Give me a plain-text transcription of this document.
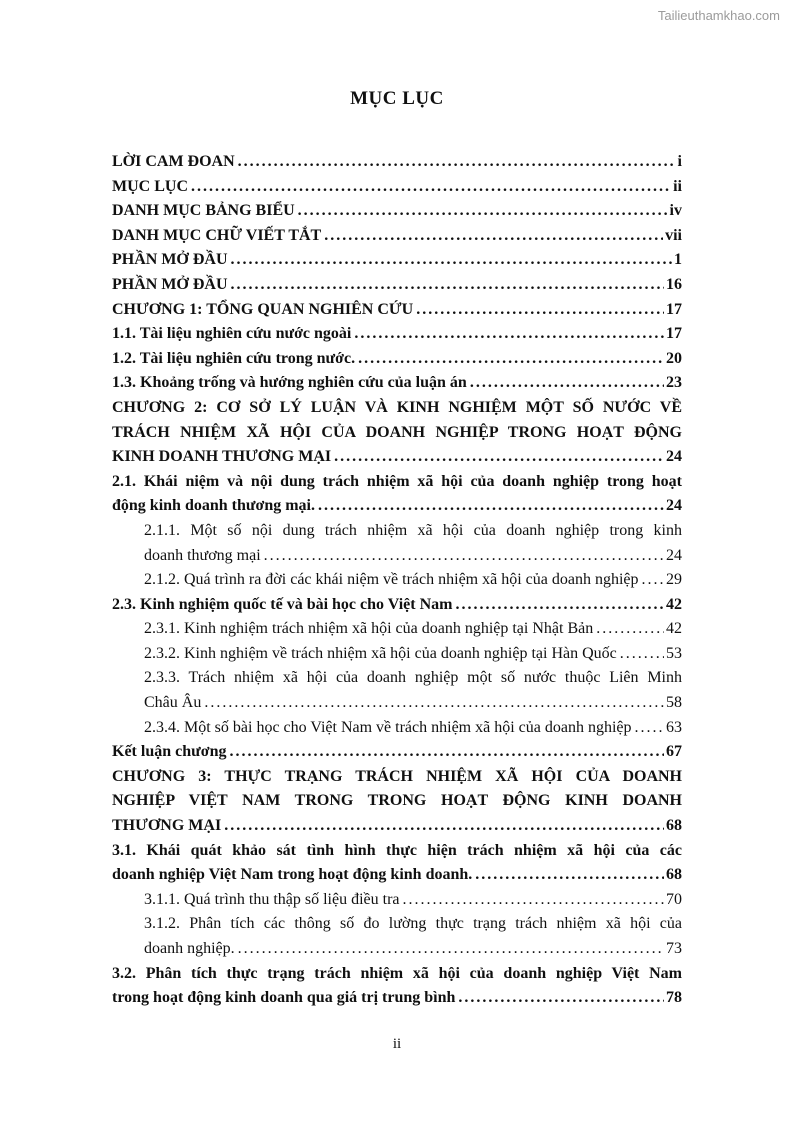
Tailieuthamkhao.com
MỤC LỤC
LỜI CAM ĐOAN .....	i
MỤC LỤC .....	ii
DANH MỤC BẢNG BIỂU .....	iv
DANH MỤC CHỮ VIẾT TẮT .....	vii
PHẦN MỞ ĐẦU .....	1
PHẦN MỞ ĐẦU .....	16
CHƯƠNG 1: TỔNG QUAN NGHIÊN CỨU .....	17
1.1. Tài liệu nghiên cứu nước ngoài .....	17
1.2. Tài liệu nghiên cứu trong nước. .....	20
1.3. Khoảng trống và hướng nghiên cứu của luận án .....	23
CHƯƠNG 2: CƠ SỞ LÝ LUẬN VÀ KINH NGHIỆM MỘT SỐ NƯỚC VỀ
TRÁCH NHIỆM XÃ HỘI CỦA DOANH NGHIỆP TRONG HOẠT ĐỘNG
KINH DOANH THƯƠNG MẠI .....	24
2.1. Khái niệm và nội dung trách nhiệm xã hội của doanh nghiệp trong hoạt
động kinh doanh thương mại. .....	24
2.1.1. Một số nội dung trách nhiệm xã hội của doanh nghiệp trong kinh
doanh thương mại .....	24
2.1.2. Quá trình ra đời các khái niệm về trách nhiệm xã hội của doanh nghiệp ..... 29
2.3. Kinh nghiệm quốc tế và bài học cho Việt Nam .....	42
2.3.1. Kinh nghiệm trách nhiệm xã hội của doanh nghiệp tại Nhật Bản .....	42
2.3.2. Kinh nghiệm về trách nhiệm xã hội của doanh nghiệp tại Hàn Quốc .....	53
2.3.3. Trách nhiệm xã hội của doanh nghiệp một số nước thuộc Liên Minh
Châu Âu .....	58
2.3.4. Một số bài học cho Việt Nam về trách nhiệm xã hội của doanh nghiệp ..... 63
Kết luận chương .....	67
CHƯƠNG 3: THỰC TRẠNG TRÁCH NHIỆM XÃ HỘI CỦA DOANH
NGHIỆP VIỆT NAM TRONG TRONG HOẠT ĐỘNG KINH DOANH
THƯƠNG MẠI .....	68
3.1. Khái quát khảo sát tình hình thực hiện trách nhiệm xã hội của các
doanh nghiệp Việt Nam trong hoạt động kinh doanh. .....	68
3.1.1. Quá trình thu thập số liệu điều tra .....	70
3.1.2. Phân tích các thông số đo lường thực trạng trách nhiệm xã hội của
doanh nghiệp. .....	73
3.2. Phân tích thực trạng trách nhiệm xã hội của doanh nghiệp Việt Nam
trong hoạt động kinh doanh qua giá trị trung bình .....	78
ii
